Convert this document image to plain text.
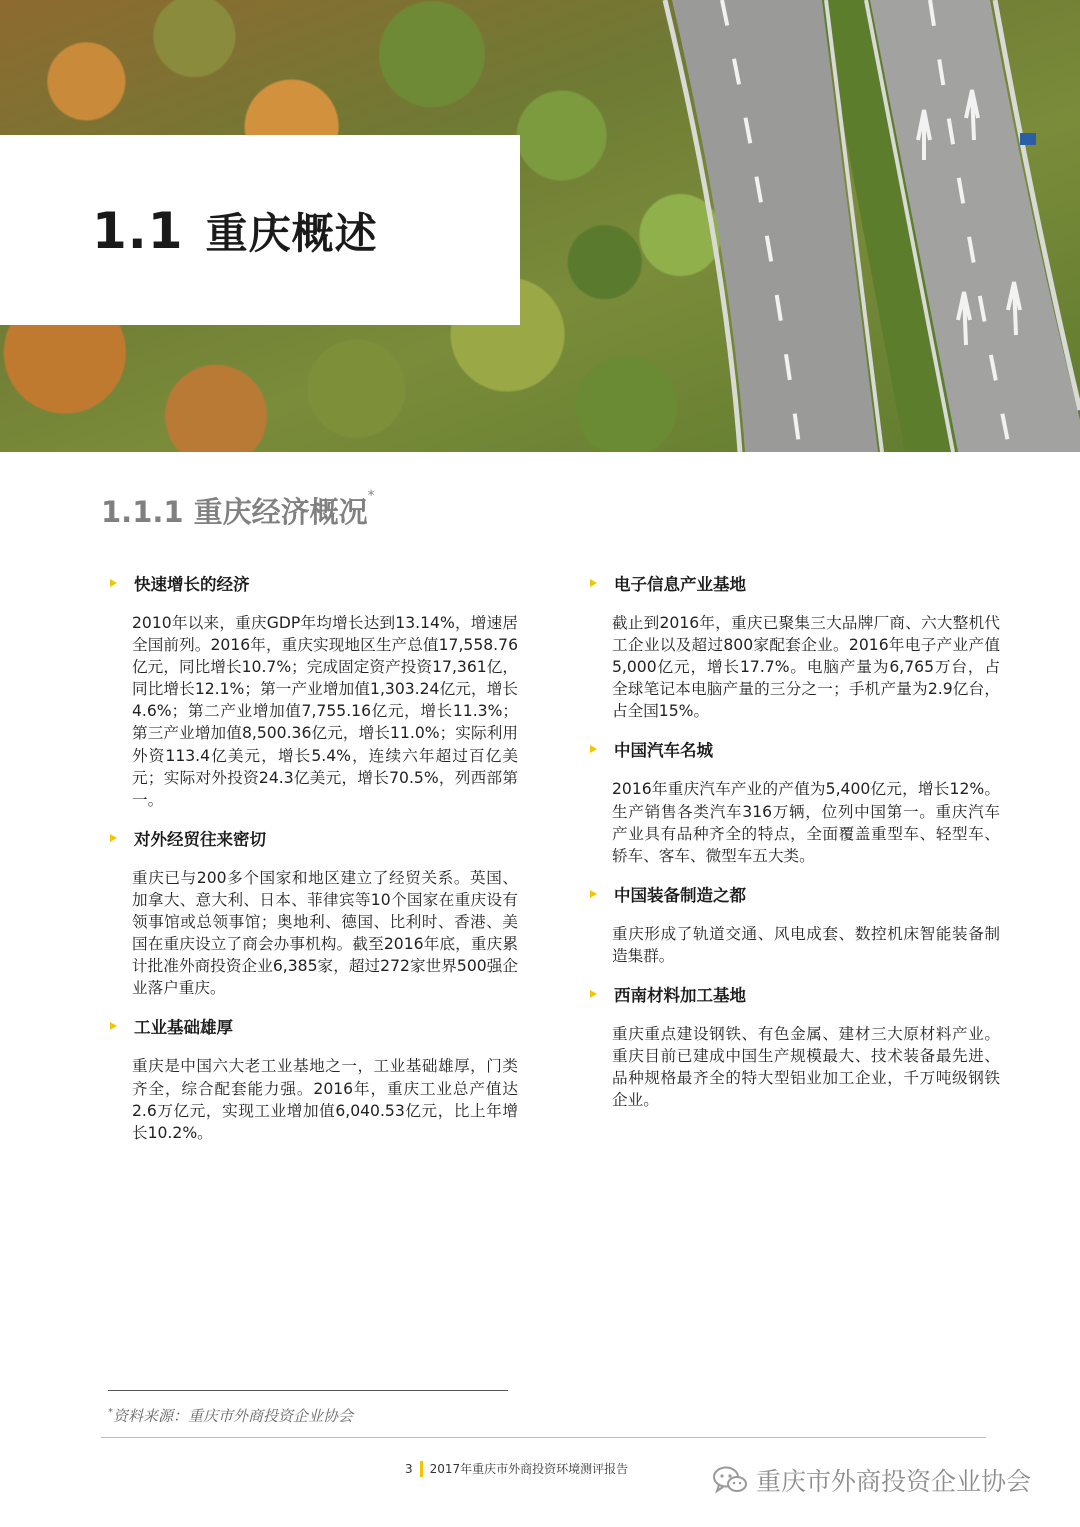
1.1 重庆概述
1.1.1 重庆经济概况*
快速增长的经济
2010年以来，重庆GDP年均增长达到13.14%，增速居全国前列。2016年，重庆实现地区生产总值17,558.76 亿元，同比增长10.7%；完成固定资产投资17,361亿，同比增长12.1%；第一产业增加值1,303.24亿元，增长4.6%；第二产业增加值7,755.16亿元，增长11.3%；第三产业增加值8,500.36亿元，增长11.0%；实际利用外资113.4亿美元，增长5.4%，连续六年超过百亿美元；实际对外投资24.3亿美元，增长70.5%，列西部第一。
对外经贸往来密切
重庆已与200多个国家和地区建立了经贸关系。英国、加拿大、意大利、日本、菲律宾等10个国家在重庆设有领事馆或总领事馆；奥地利、德国、比利时、香港、美国在重庆设立了商会办事机构。截至2016年底，重庆累计批准外商投资企业6,385家，超过272家世界500强企业落户重庆。
工业基础雄厚
重庆是中国六大老工业基地之一，工业基础雄厚，门类齐全，综合配套能力强。2016年，重庆工业总产值达2.6万亿元，实现工业增加值6,040.53亿元，比上年增长10.2%。
电子信息产业基地
截止到2016年，重庆已聚集三大品牌厂商、六大整机代工企业以及超过800家配套企业。2016年电子产业产值5,000亿元，增长17.7%。电脑产量为6,765万台，占全球笔记本电脑产量的三分之一；手机产量为2.9亿台，占全国15%。
中国汽车名城
2016年重庆汽车产业的产值为5,400亿元，增长12%。生产销售各类汽车316万辆，位列中国第一。重庆汽车产业具有品种齐全的特点，全面覆盖重型车、轻型车、轿车、客车、微型车五大类。
中国装备制造之都
重庆形成了轨道交通、风电成套、数控机床智能装备制造集群。
西南材料加工基地
重庆重点建设钢铁、有色金属、建材三大原材料产业。重庆目前已建成中国生产规模最大、技术装备最先进、品种规格最齐全的特大型铝业加工企业，千万吨级钢铁企业。
*资料来源：重庆市外商投资企业协会
3 2017年重庆市外商投资环境测评报告	重庆市外商投资企业协会
